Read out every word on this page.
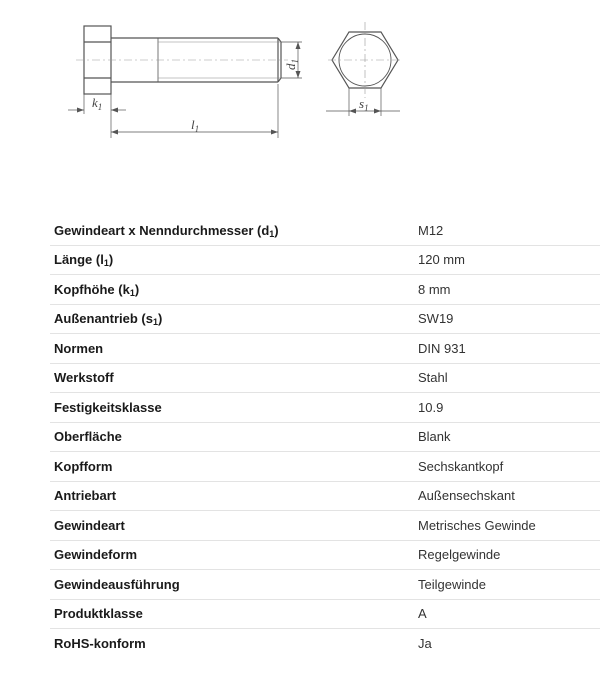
$k_1$
$l_1$
$d_1$
$s_1$
Gewindeart x Nenndurchmesser $(d_1)$	M12
Länge $(l_1)$	120 mm
Kopfhöhe $(k_1)$	8 mm
Außenantrieb $(s_1)$	SW19
Normen	DIN 931
Werkstoff	Stahl
Festigkeitsklasse	10.9
Oberfläche	Blank
Kopfform	Sechskantkopf
Antriebart	Außensechskant
Gewindeart	Metrisches Gewinde
Gewindeform	Regelgewinde
Gewindeausführung	Teilgewinde
Produktklasse	A
RoHS-konform	Ja
